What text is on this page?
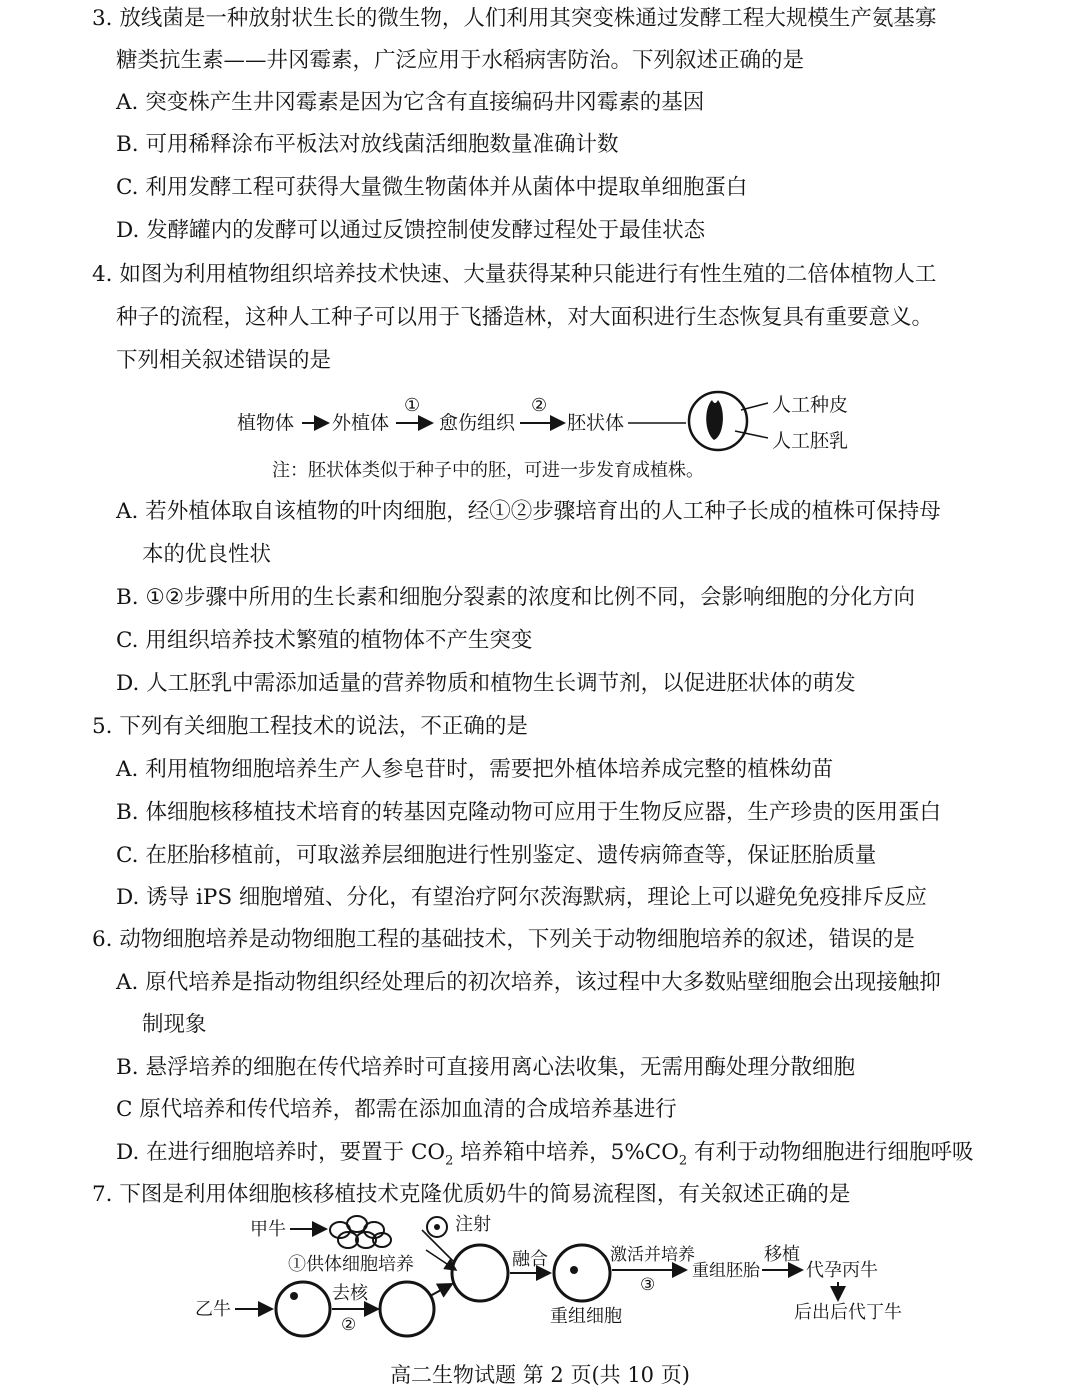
3. 放线菌是一种放射状生长的微生物，人们利用其突变株通过发酵工程大规模生产氨基寡
糖类抗生素——井冈霉素，广泛应用于水稻病害防治。下列叙述正确的是
A. 突变株产生井冈霉素是因为它含有直接编码井冈霉素的基因
B. 可用稀释涂布平板法对放线菌活细胞数量准确计数
C. 利用发酵工程可获得大量微生物菌体并从菌体中提取单细胞蛋白
D. 发酵罐内的发酵可以通过反馈控制使发酵过程处于最佳状态
4. 如图为利用植物组织培养技术快速、大量获得某种只能进行有性生殖的二倍体植物人工
种子的流程，这种人工种子可以用于飞播造林，对大面积进行生态恢复具有重要意义。
下列相关叙述错误的是
植物体 外植体
①
愈伤组织
②
胚状体
人工种皮
人工胚乳
注：胚状体类似于种子中的胚，可进一步发育成植株。
A. 若外植体取自该植物的叶肉细胞，经①②步骤培育出的人工种子长成的植株可保持母
本的优良性状
B. ①②步骤中所用的生长素和细胞分裂素的浓度和比例不同，会影响细胞的分化方向
C. 用组织培养技术繁殖的植物体不产生突变
D. 人工胚乳中需添加适量的营养物质和植物生长调节剂，以促进胚状体的萌发
5. 下列有关细胞工程技术的说法，不正确的是
A. 利用植物细胞培养生产人参皂苷时，需要把外植体培养成完整的植株幼苗
B. 体细胞核移植技术培育的转基因克隆动物可应用于生物反应器，生产珍贵的医用蛋白
C. 在胚胎移植前，可取滋养层细胞进行性别鉴定、遗传病筛查等，保证胚胎质量
D. 诱导 iPS 细胞增殖、分化，有望治疗阿尔茨海默病，理论上可以避免免疫排斥反应
6. 动物细胞培养是动物细胞工程的基础技术，下列关于动物细胞培养的叙述，错误的是
A. 原代培养是指动物组织经处理后的初次培养，该过程中大多数贴壁细胞会出现接触抑
制现象
B. 悬浮培养的细胞在传代培养时可直接用离心法收集，无需用酶处理分散细胞
C 原代培养和传代培养，都需在添加血清的合成培养基进行
D. 在进行细胞培养时，要置于 $CO_2$ 培养箱中培养，$5\%CO_2$ 有利于动物细胞进行细胞呼吸
7. 下图是利用体细胞核移植技术克隆优质奶牛的简易流程图，有关叙述正确的是
甲牛
①供体细胞培养
注射
乙牛
去核
②
融合
重组细胞
激活并培养
③
重组胚胎
移植
代孕丙牛
后出后代丁牛
高二生物试题 第 2 页(共 10 页)
